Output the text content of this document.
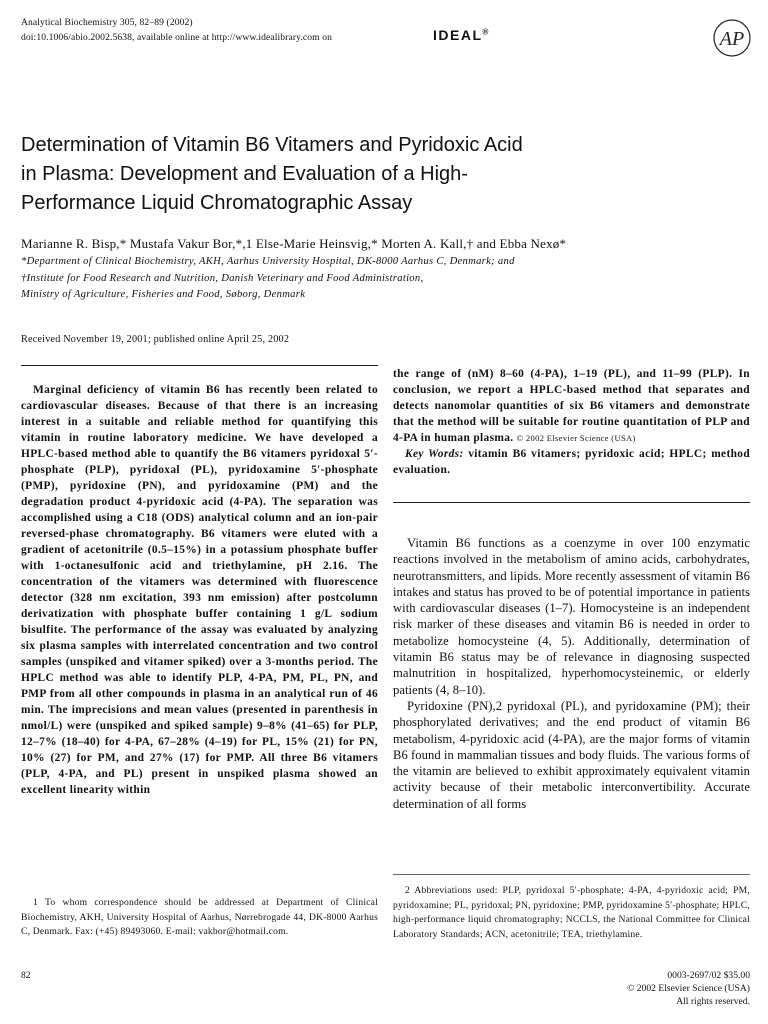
Analytical Biochemistry 305, 82–89 (2002)
doi:10.1006/abio.2002.5638, available online at http://www.idealibrary.com on	IDEAL®	AP
Determination of Vitamin B6 Vitamers and Pyridoxic Acid
in Plasma: Development and Evaluation of a High-
Performance Liquid Chromatographic Assay
Marianne R. Bisp,* Mustafa Vakur Bor,*,1 Else-Marie Heinsvig,* Morten A. Kall,† and Ebba Nexø*
*Department of Clinical Biochemistry, AKH, Aarhus University Hospital, DK-8000 Aarhus C, Denmark; and
†Institute for Food Research and Nutrition, Danish Veterinary and Food Administration,
Ministry of Agriculture, Fisheries and Food, Søborg, Denmark
Received November 19, 2001; published online April 25, 2002

Marginal deficiency of vitamin B6 has recently been related to cardiovascular diseases. Because of that there is an increasing interest in a suitable and reliable method for quantifying this vitamin in routine laboratory medicine. We have developed a HPLC-based method able to quantify the B6 vitamers pyridoxal 5′-phosphate (PLP), pyridoxal (PL), pyridoxamine 5′-phosphate (PMP), pyridoxine (PN), and pyridoxamine (PM) and the degradation product 4-pyridoxic acid (4-PA). The separation was accomplished using a C18 (ODS) analytical column and an ion-pair reversed-phase chromatography. B6 vitamers were eluted with a gradient of acetonitrile (0.5–15%) in a potassium phosphate buffer with 1-octanesulfonic acid and triethylamine, pH 2.16. The concentration of the vitamers was determined with fluorescence detector (328 nm excitation, 393 nm emission) after postcolumn derivatization with phosphate buffer containing 1 g/L sodium bisulfite. The performance of the assay was evaluated by analyzing six plasma samples with interrelated concentration and two control samples (unspiked and vitamer spiked) over a 3-months period. The HPLC method was able to identify PLP, 4-PA, PM, PL, PN, and PMP from all other compounds in plasma in an analytical run of 46 min. The imprecisions and mean values (presented in parenthesis in nmol/L) were (unspiked and spiked sample) 9–8% (41–65) for PLP, 12–7% (18–40) for 4-PA, 67–28% (4–19) for PL, 15% (21) for PN, 10% (27) for PM, and 27% (17) for PMP. All three B6 vitamers (PLP, 4-PA, and PL) present in unspiked plasma showed an excellent linearity within

the range of (nM) 8–60 (4-PA), 1–19 (PL), and 11–99 (PLP). In conclusion, we report a HPLC-based method that separates and detects nanomolar quantities of six B6 vitamers and demonstrate that the method will be suitable for routine quantitation of PLP and 4-PA in human plasma. © 2002 Elsevier Science (USA)

Key Words: vitamin B6 vitamers; pyridoxic acid; HPLC; method evaluation.

Vitamin B6 functions as a coenzyme in over 100 enzymatic reactions involved in the metabolism of amino acids, carbohydrates, neurotransmitters, and lipids. More recently assessment of vitamin B6 intakes and status has proved to be of potential importance in patients with cardiovascular diseases (1–7). Homocysteine is an independent risk marker of these diseases and vitamin B6 is needed in order to metabolize homocysteine (4, 5). Additionally, determination of vitamin B6 status may be of relevance in diagnosing suspected malnutrition in hospitalized, hyperhomocysteinemic, or elderly patients (4, 8–10).

Pyridoxine (PN),2 pyridoxal (PL), and pyridoxamine (PM); their phosphorylated derivatives; and the end product of vitamin B6 metabolism, 4-pyridoxic acid (4-PA), are the major forms of vitamin B6 found in mammalian tissues and body fluids. The various forms of the vitamin are believed to exhibit approximately equivalent vitamin activity because of their metabolic interconvertibility. Accurate determination of all forms

1 To whom correspondence should be addressed at Department of Clinical Biochemistry, AKH, University Hospital of Aarhus, Nørrebrogade 44, DK-8000 Aarhus C, Denmark. Fax: (+45) 89493060. E-mail: vakbor@hotmail.com.
2 Abbreviations used: PLP, pyridoxal 5′-phosphate; 4-PA, 4-pyridoxic acid; PM, pyridoxamine; PL, pyridoxal; PN, pyridoxine; PMP, pyridoxamine 5′-phosphate; HPLC, high-performance liquid chromatography; NCCLS, the National Committee for Clinical Laboratory Standards; ACN, acetonitrile; TEA, triethylamine.
82	0003-2697/02 $35.00
© 2002 Elsevier Science (USA)
All rights reserved.
